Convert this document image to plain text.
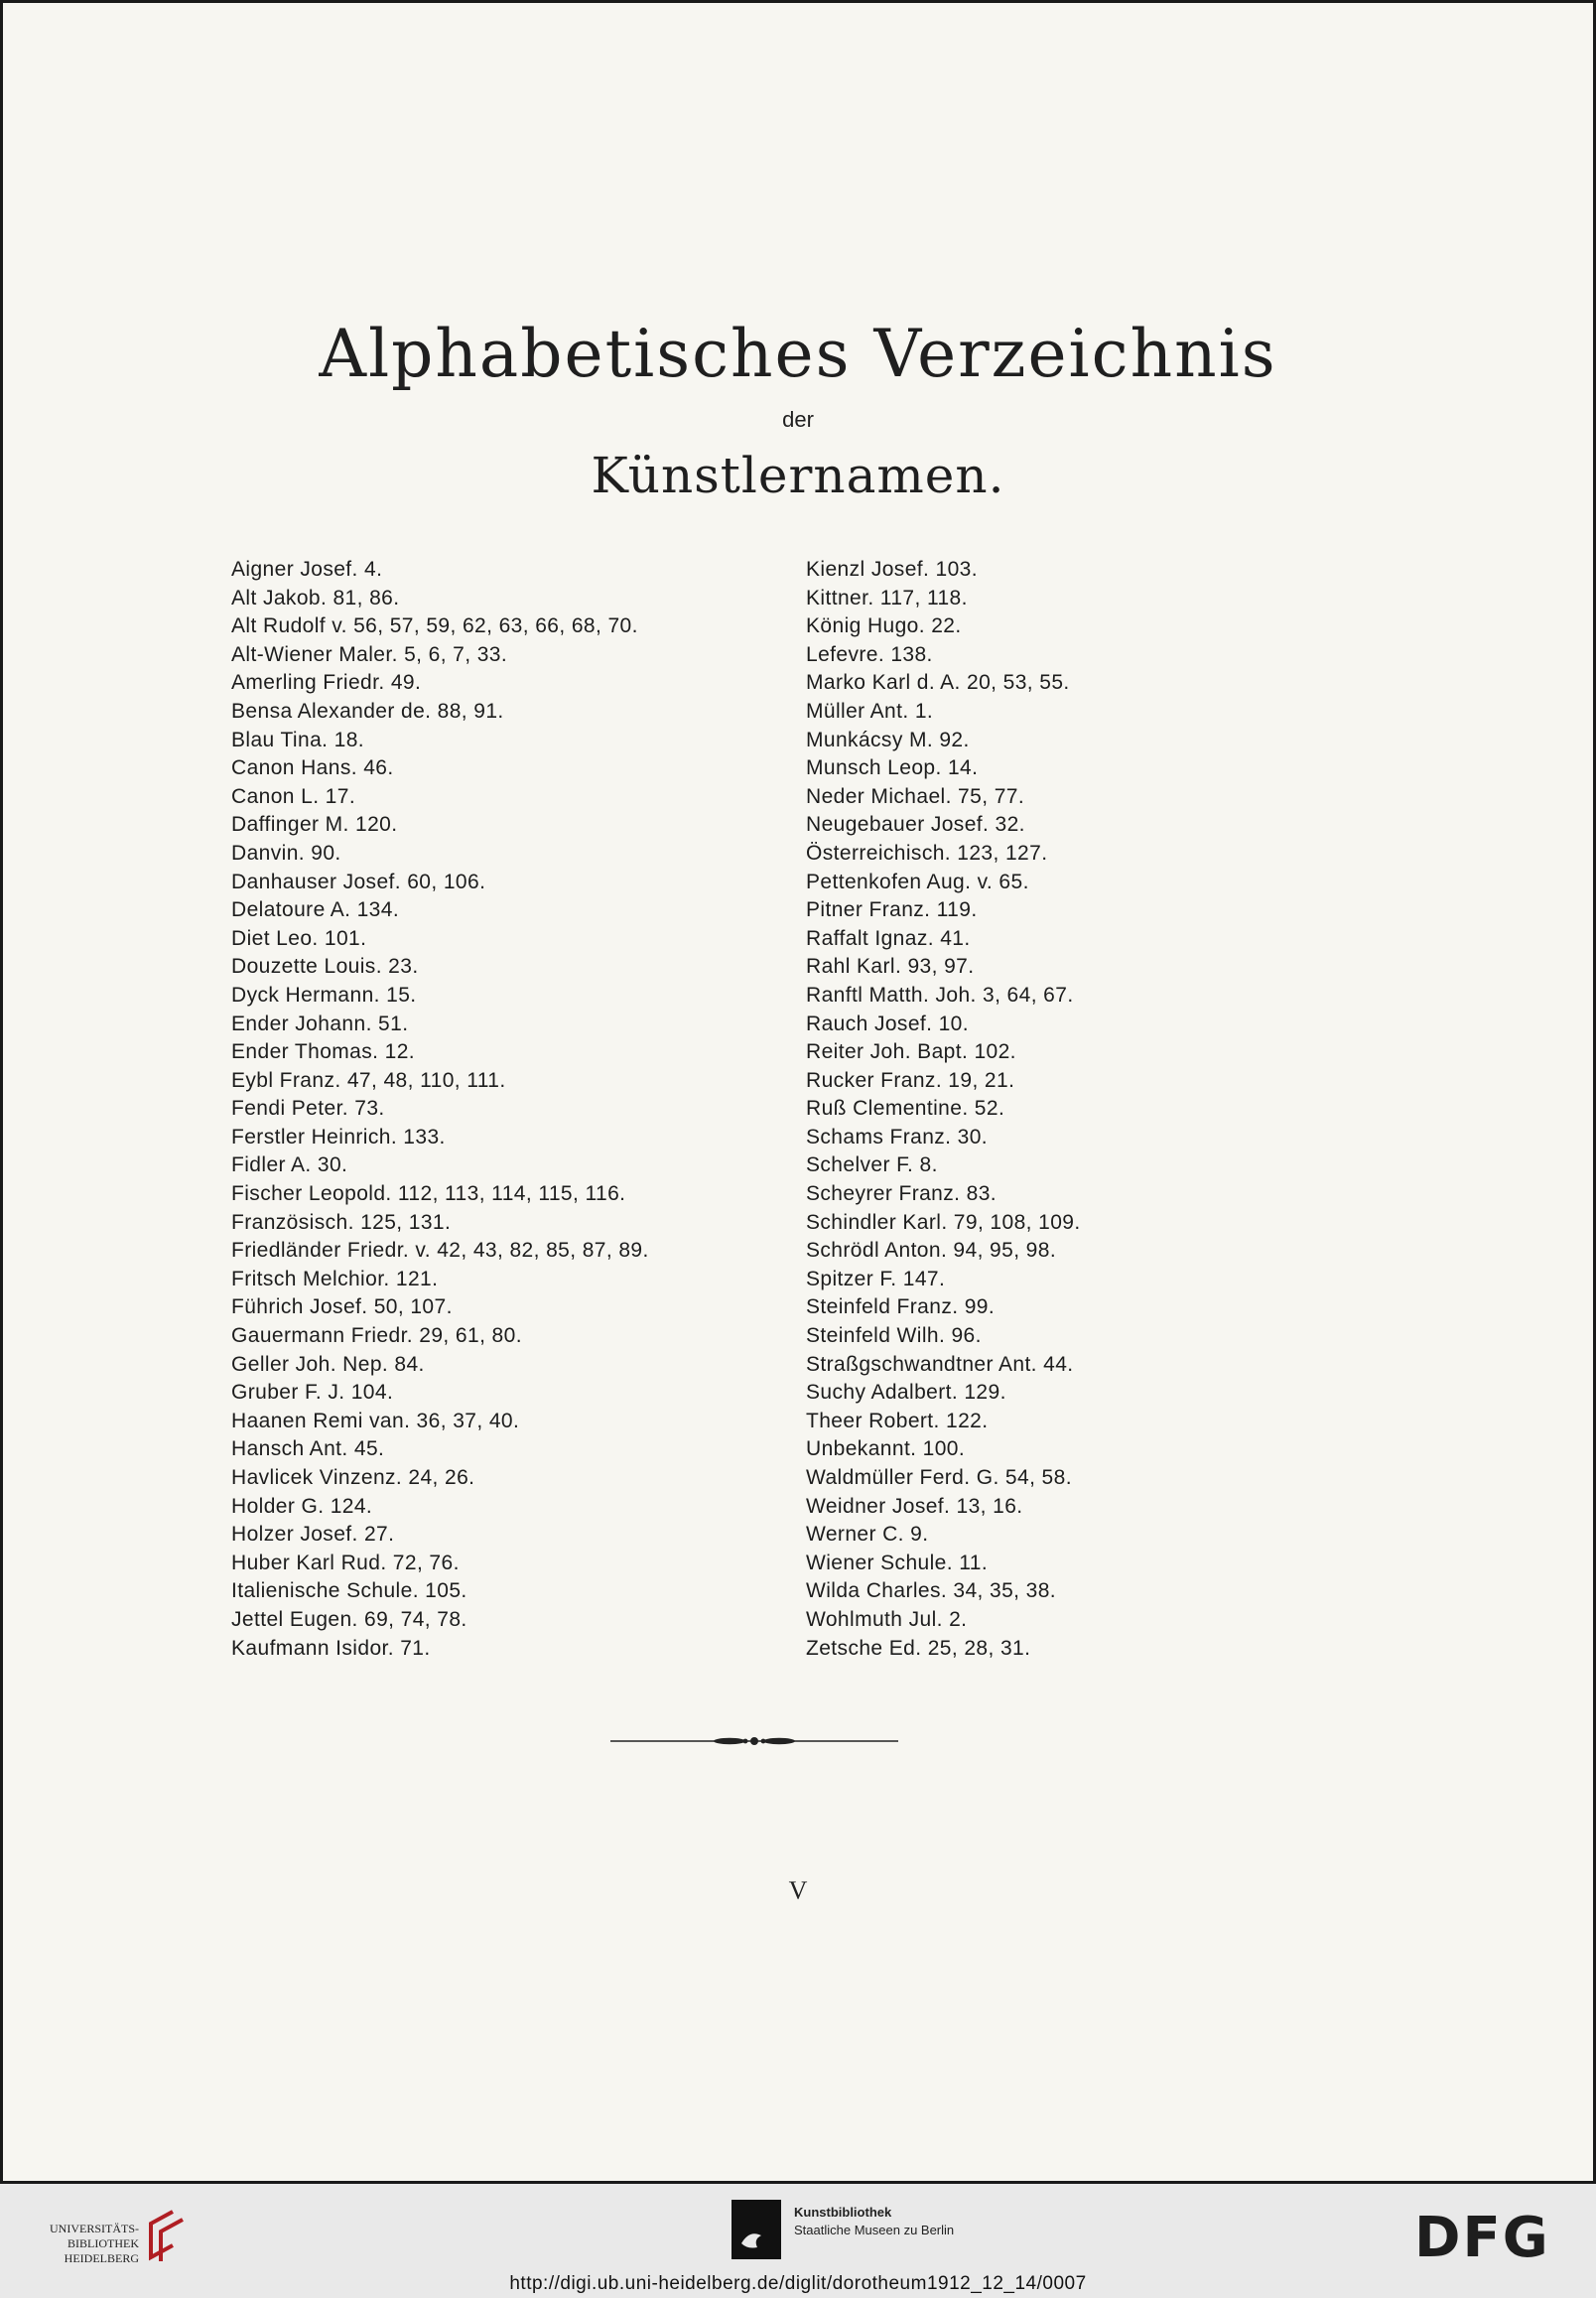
Alphabetisches Verzeichnis
der
Künstlernamen.
Aigner Josef. 4.
Alt Jakob. 81, 86.
Alt Rudolf v. 56, 57, 59, 62, 63, 66, 68, 70.
Alt-Wiener Maler. 5, 6, 7, 33.
Amerling Friedr. 49.
Bensa Alexander de. 88, 91.
Blau Tina. 18.
Canon Hans. 46.
Canon L. 17.
Daffinger M. 120.
Danvin. 90.
Danhauser Josef. 60, 106.
Delatoure A. 134.
Diet Leo. 101.
Douzette Louis. 23.
Dyck Hermann. 15.
Ender Johann. 51.
Ender Thomas. 12.
Eybl Franz. 47, 48, 110, 111.
Fendi Peter. 73.
Ferstler Heinrich. 133.
Fidler A. 30.
Fischer Leopold. 112, 113, 114, 115, 116.
Französisch. 125, 131.
Friedländer Friedr. v. 42, 43, 82, 85, 87, 89.
Fritsch Melchior. 121.
Führich Josef. 50, 107.
Gauermann Friedr. 29, 61, 80.
Geller Joh. Nep. 84.
Gruber F. J. 104.
Haanen Remi van. 36, 37, 40.
Hansch Ant. 45.
Havlicek Vinzenz. 24, 26.
Holder G. 124.
Holzer Josef. 27.
Huber Karl Rud. 72, 76.
Italienische Schule. 105.
Jettel Eugen. 69, 74, 78.
Kaufmann Isidor. 71.
Kienzl Josef. 103.
Kittner. 117, 118.
König Hugo. 22.
Lefevre. 138.
Marko Karl d. A. 20, 53, 55.
Müller Ant. 1.
Munkácsy M. 92.
Munsch Leop. 14.
Neder Michael. 75, 77.
Neugebauer Josef. 32.
Österreichisch. 123, 127.
Pettenkofen Aug. v. 65.
Pitner Franz. 119.
Raffalt Ignaz. 41.
Rahl Karl. 93, 97.
Ranftl Matth. Joh. 3, 64, 67.
Rauch Josef. 10.
Reiter Joh. Bapt. 102.
Rucker Franz. 19, 21.
Ruß Clementine. 52.
Schams Franz. 30.
Schelver F. 8.
Scheyrer Franz. 83.
Schindler Karl. 79, 108, 109.
Schrödl Anton. 94, 95, 98.
Spitzer F. 147.
Steinfeld Franz. 99.
Steinfeld Wilh. 96.
Straßgschwandtner Ant. 44.
Suchy Adalbert. 129.
Theer Robert. 122.
Unbekannt. 100.
Waldmüller Ferd. G. 54, 58.
Weidner Josef. 13, 16.
Werner C. 9.
Wiener Schule. 11.
Wilda Charles. 34, 35, 38.
Wohlmuth Jul. 2.
Zetsche Ed. 25, 28, 31.
V
UNIVERSITÄTS-
BIBLIOTHEK
HEIDELBERG
Kunstbibliothek
Staatliche Museen zu Berlin	DFG
http://digi.ub.uni-heidelberg.de/diglit/dorotheum1912_12_14/0007
